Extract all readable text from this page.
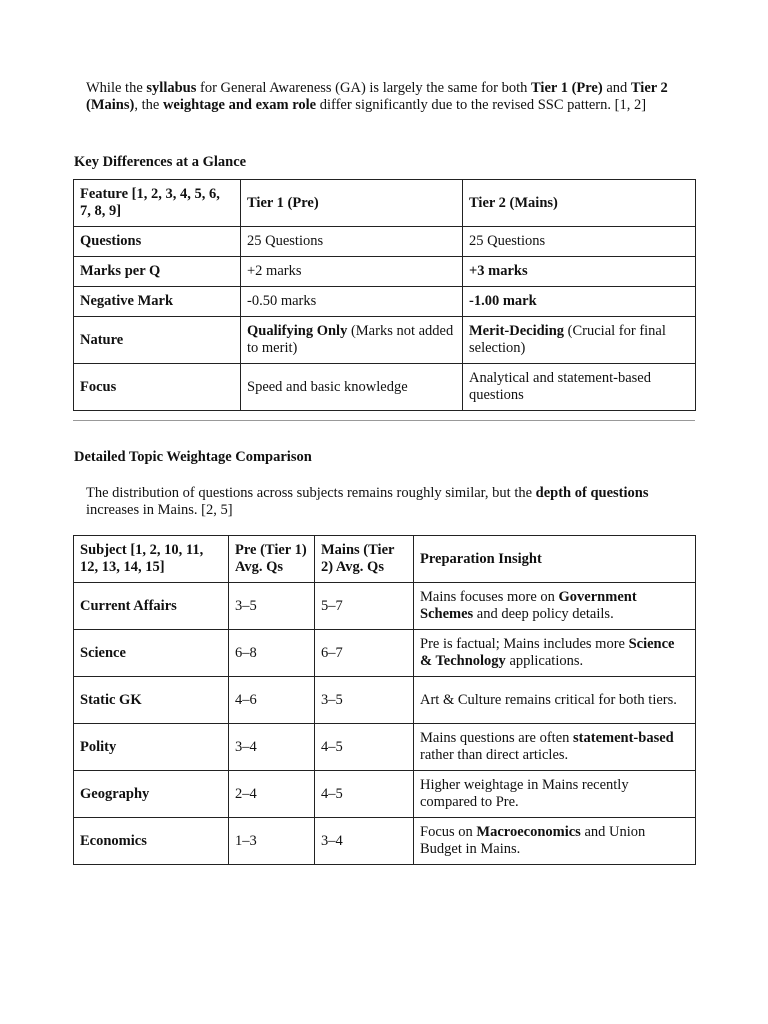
While the syllabus for General Awareness (GA) is largely the same for both Tier 1 (Pre) and Tier 2 (Mains), the weightage and exam role differ significantly due to the revised SSC pattern. [1, 2]

Key Differences at a Glance
Feature [1, 2, 3, 4, 5, 6, 7, 8, 9]	Tier 1 (Pre)	Tier 2 (Mains)
Questions	25 Questions	25 Questions
Marks per Q	+2 marks	+3 marks
Negative Mark	-0.50 marks	-1.00 mark
Nature	Qualifying Only (Marks not added to merit)	Merit-Deciding (Crucial for final selection)
Focus	Speed and basic knowledge	Analytical and statement-based questions
Detailed Topic Weightage Comparison

The distribution of questions across subjects remains roughly similar, but the depth of questions increases in Mains. [2, 5]

Subject [1, 2, 10, 11, 12, 13, 14, 15]	Pre (Tier 1) Avg. Qs	Mains (Tier 2) Avg. Qs	Preparation Insight
Current Affairs	3–5	5–7	Mains focuses more on Government Schemes and deep policy details.
Science	6–8	6–7	Pre is factual; Mains includes more Science & Technology applications.
Static GK	4–6	3–5	Art & Culture remains critical for both tiers.
Polity	3–4	4–5	Mains questions are often statement-based rather than direct articles.
Geography	2–4	4–5	Higher weightage in Mains recently compared to Pre.
Economics	1–3	3–4	Focus on Macroeconomics and Union Budget in Mains.
